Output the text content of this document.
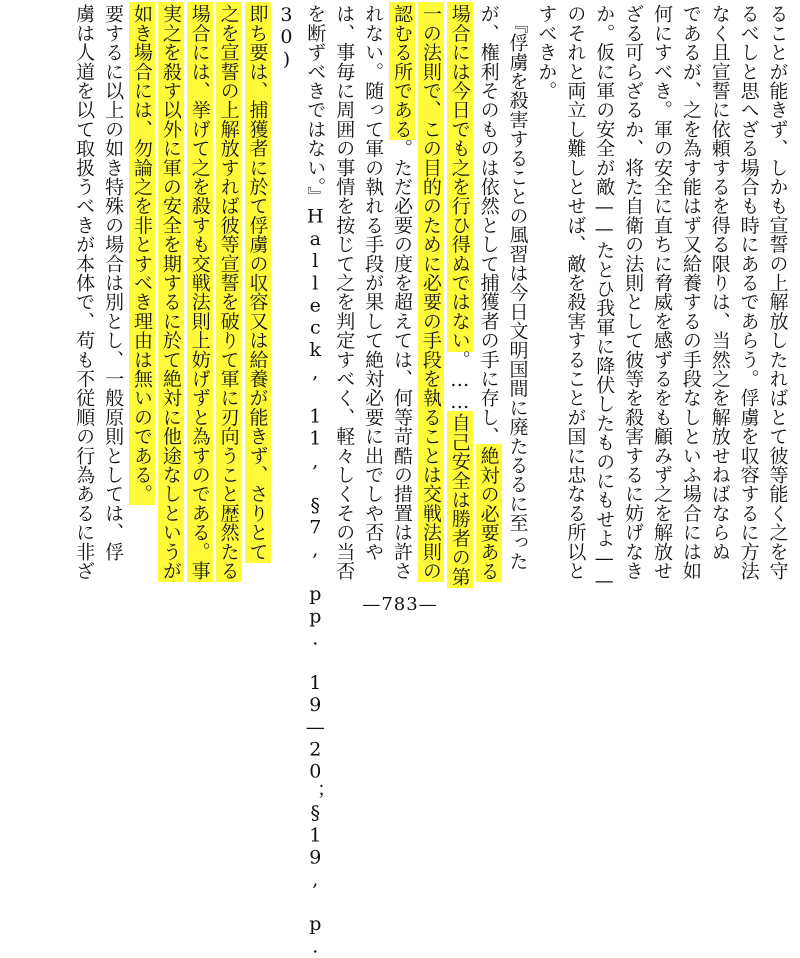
ることが能きず、しかも宣誓の上解放したればとて彼等能く之を守
るべしと思へざる場合も時にあるであらう。俘虜を収容するに方法
なく且宣誓に依頼するを得る限りは、当然之を解放せねばならぬ
であるが、之を為す能はず又給養するの手段なしといふ場合には如
何にすべき。軍の安全に直ちに脅威を感ずるをも顧みず之を解放せ
ざる可らざるか、将た自衛の法則として彼等を殺害するに妨げなき
か。仮に軍の安全が敵——たとひ我軍に降伏したものにもせよ——
のそれと両立し難しとせば、敵を殺害することが国に忠なる所以と
すべきか。
　『俘虜を殺害することの風習は今日文明国間に廃たるるに至った
が、権利そのものは依然として捕獲者の手に存し、絶対の必要ある
場合には今日でも之を行ひ得ぬではない。……自己安全は勝者の第
一の法則で、この目的のために必要の手段を執ることは交戦法則の
認むる所である。ただ必要の度を超えては、何等苛酷の措置は許さ
れない。随って軍の執れる手段が果して絶対必要に出でしや否や
は、事毎に周囲の事情を按じて之を判定すべく、軽々しくその当否
を断ずべきではない。』Halleck, 11, §7, pp. 19—20；§19, p.
30)
即ち要は、捕獲者に於て俘虜の収容又は給養が能きず、さりとて
之を宣誓の上解放すれば彼等宣誓を破りて軍に刃向うこと歴然たる
場合には、挙げて之を殺すも交戦法則上妨げずと為すのである。事
実之を殺す以外に軍の安全を期するに於て絶対に他途なしというが
如き場合には、勿論之を非とすべき理由は無いのである。
要するに以上の如き特殊の場合は別とし、一般原則としては、俘
虜は人道を以て取扱うべきが本体で、苟も不従順の行為あるに非ざ
—783—
